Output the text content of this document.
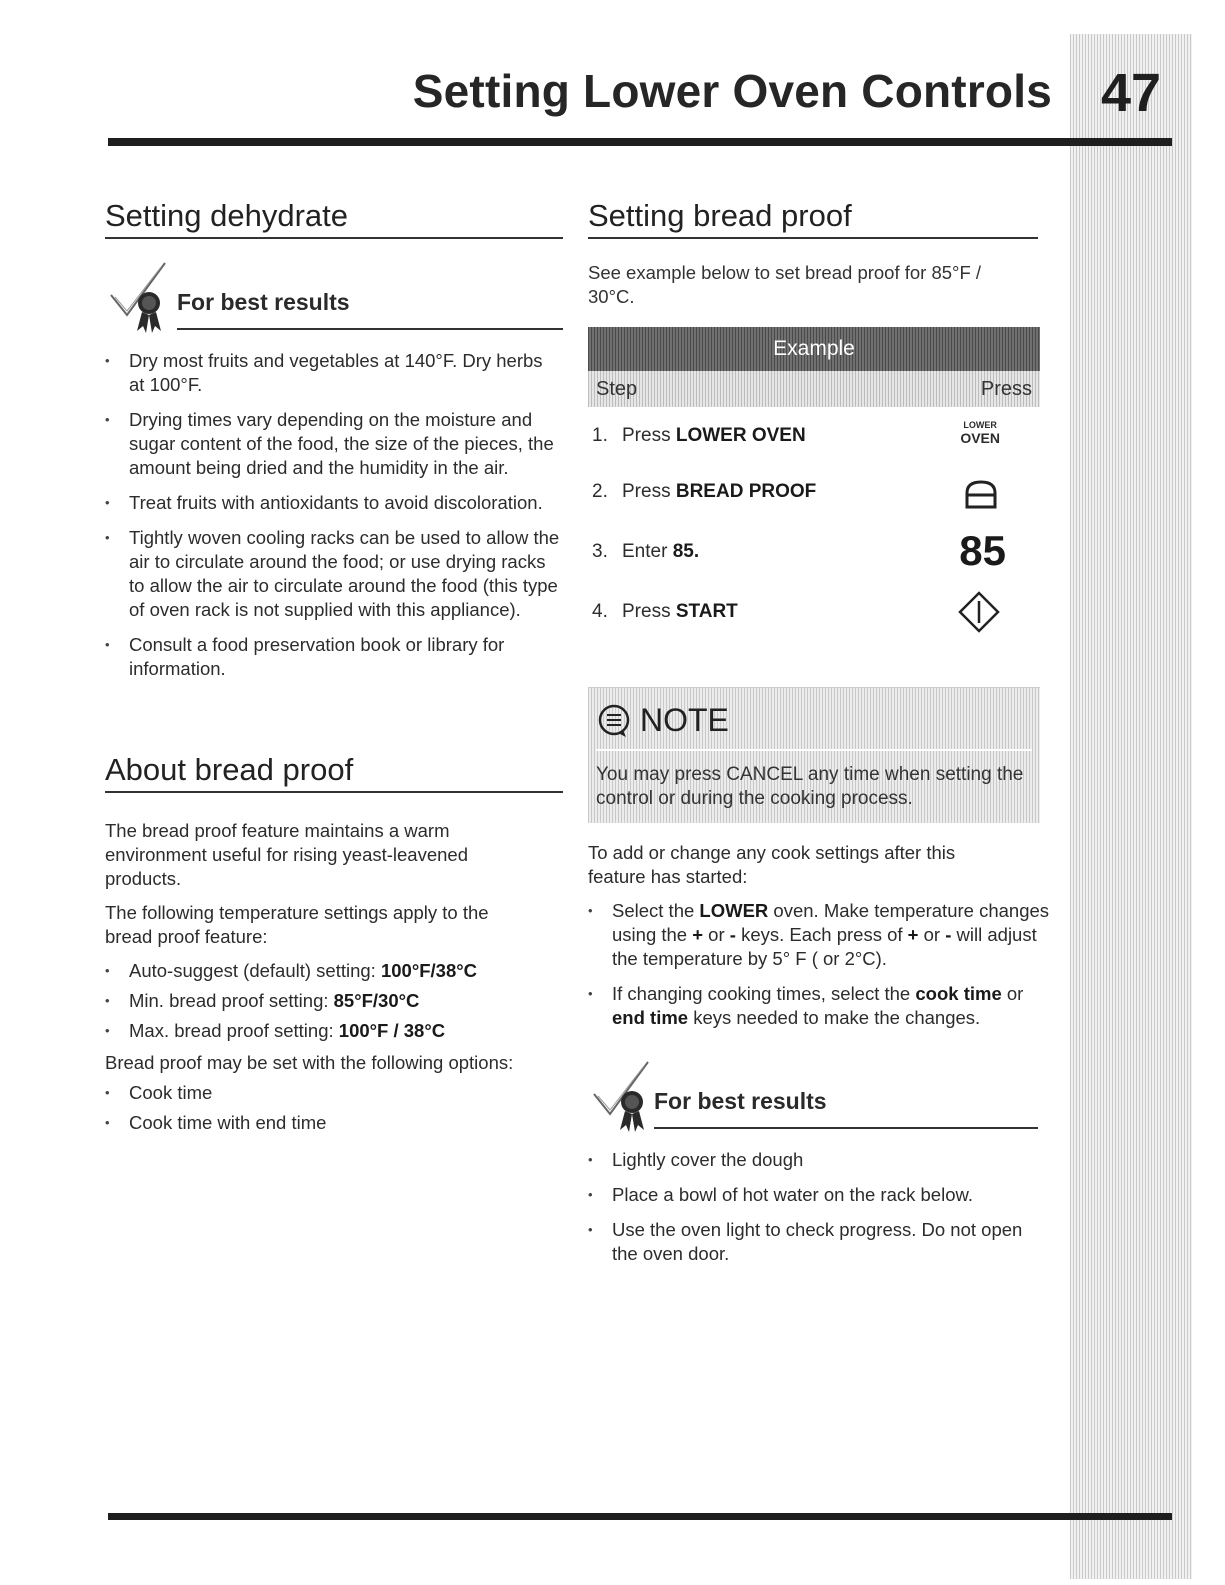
47
Setting Lower Oven Controls
Setting dehydrate
For best results
• Dry most fruits and vegetables at 140°F. Dry herbs at 100°F.
• Drying times vary depending on the moisture and sugar content of the food, the size of the pieces, the amount being dried and the humidity in the air.
• Treat fruits with antioxidants to avoid discoloration.
• Tightly woven cooling racks can be used to allow the air to circulate around the food; or use drying racks to allow the air to circulate around the food (this type of oven rack is not supplied with this appliance).
• Consult a food preservation book or library for information.
About bread proof

The bread proof feature maintains a warm environment useful for rising yeast-leavened products.

The following temperature settings apply to the bread proof feature:

• Auto-suggest (default) setting: 100°F/38°C
• Min. bread proof setting: 85°F/30°C
• Max. bread proof setting: 100°F / 38°C

Bread proof may be set with the following options:

• Cook time
• Cook time with end time
Setting bread proof

See example below to set bread proof for 85°F / 30°C.

Example
Step	Press
1. Press LOWER OVEN	LOWER
OVEN
2. Press BREAD PROOF
3. Enter 85.	85
4. Press START
NOTE
You may press CANCEL any time when setting the control or during the cooking process.

To add or change any cook settings after this feature has started:

• Select the LOWER oven. Make temperature changes using the + or - keys. Each press of + or - will adjust the temperature by 5° F ( or 2°C).
• If changing cooking times, select the cook time or end time keys needed to make the changes.
For best results
• Lightly cover the dough
• Place a bowl of hot water on the rack below.
• Use the oven light to check progress. Do not open the oven door.
